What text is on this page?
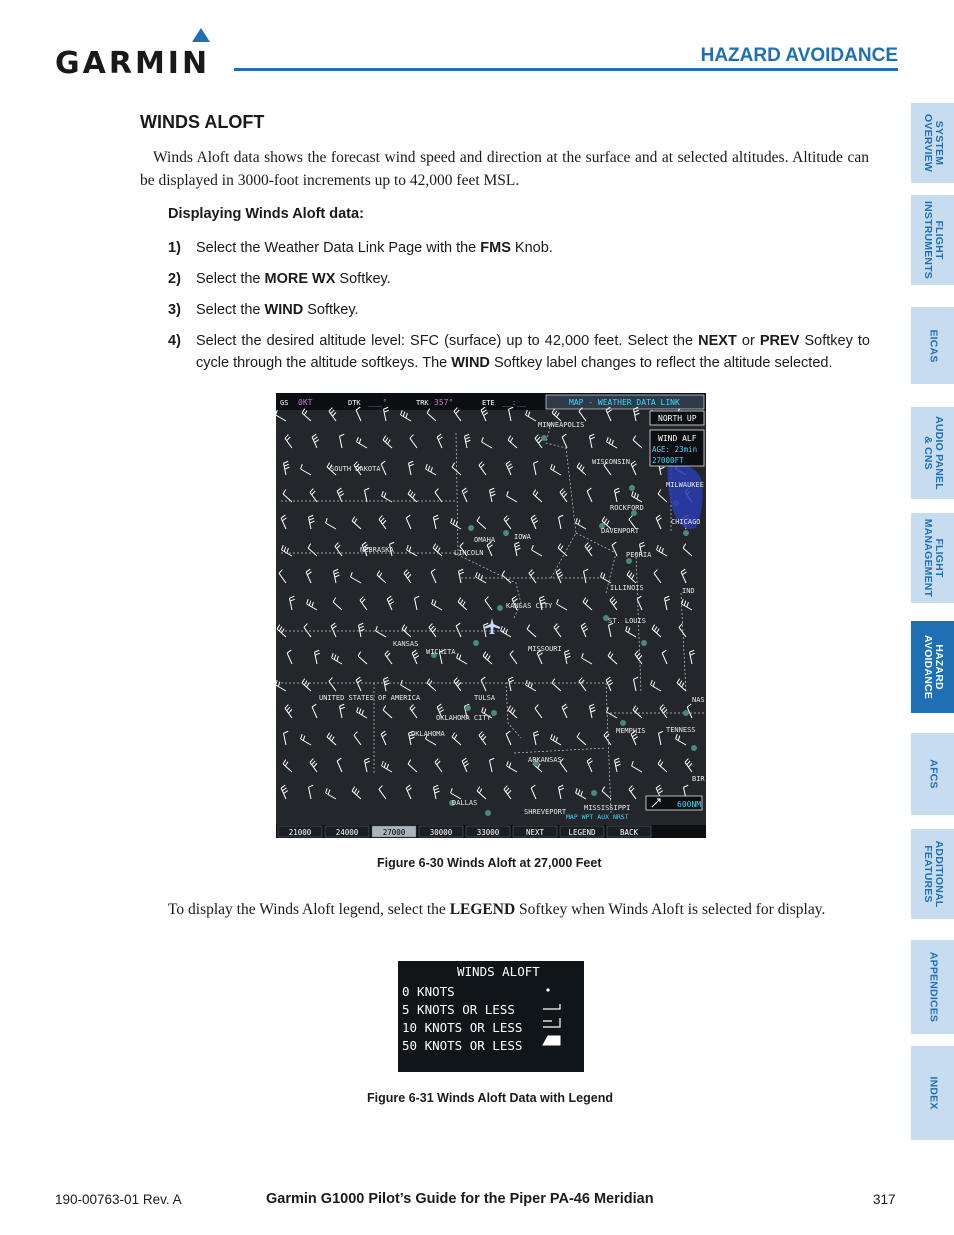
GARMIN	HAZARD AVOIDANCE
WINDS ALOFT
Winds Aloft data shows the forecast wind speed and direction at the surface and at selected altitudes. Altitude can be displayed in 3000-foot increments up to 42,000 feet MSL.
Displaying Winds Aloft data:
1) Select the Weather Data Link Page with the FMS Knob.
2) Select the MORE WX Softkey.
3) Select the WIND Softkey.
4) Select the desired altitude level: SFC (surface) up to 42,000 feet. Select the NEXT or PREV Softkey to cycle through the altitude softkeys. The WIND Softkey label changes to reflect the altitude selected.
GS 0KT	DTK ___°	TRK 357°	ETE __:__	MAP - WEATHER DATA LINK
MINNEAPOLIS
SOUTH DAKOTA
WISCONSIN
MILWAUKEE
ROCKFORD
CHICAGO
DAVENPORT
NEBRASKA
OMAHA
LINCOLN
IOWA
PEORIA
ILLINOIS	IND
KANSAS CITY
ST. LOUIS
KANSAS
WICHITA	MISSOURI
UNITED STATES OF AMERICA	TULSA
OKLAHOMA CITY
OKLAHOMA	MEMPHIS	TENNESS
ARKANSAS
DALLAS
SHREVEPORT	MISSISSIPPI
NAS
BIR
NORTH UP
WIND ALF
AGE: 23min
27000FT
600NM
MAP WPT AUX NRST
21000	24000	27000	30000	33000	NEXT	LEGEND	BACK
Figure 6-30 Winds Aloft at 27,000 Feet
To display the Winds Aloft legend, select the LEGEND Softkey when Winds Aloft is selected for display.
WINDS ALOFT
0 KNOTS
5 KNOTS OR LESS
10 KNOTS OR LESS
50 KNOTS OR LESS
Figure 6-31 Winds Aloft Data with Legend
SYSTEM
OVERVIEW
FLIGHT
INSTRUMENTS
EICAS
AUDIO PANEL
& CNS
FLIGHT
MANAGEMENT
HAZARD
AVOIDANCE
AFCS
ADDITIONAL
FEATURES
APPENDICES
INDEX
190-00763-01 Rev. A	Garmin G1000 Pilot’s Guide for the Piper PA-46 Meridian	317
